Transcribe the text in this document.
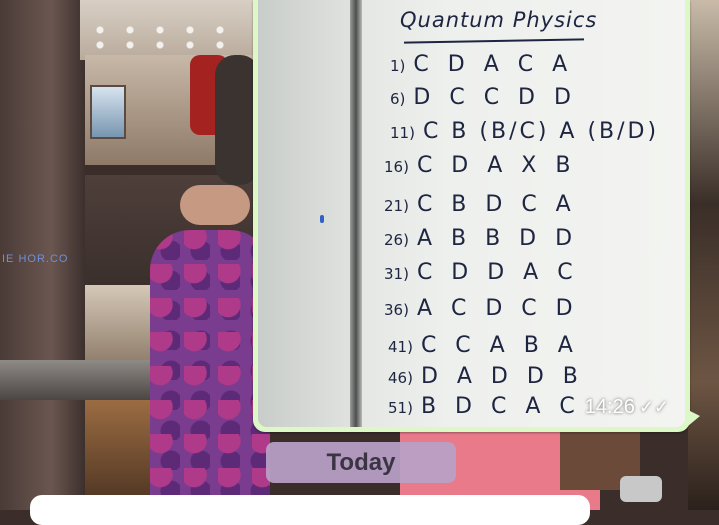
IE HOR.CO
Quantum Physics
1) C D A C A
6) D C C D D
11) C B (B/C) A (B/D)
16) C D A X B
21) C B D C A
26) A B B D D
31) C D D A C
36) A C D C D
41) C C A B A
46) D A D D B
51) B D C A C 14:26 ✓✓
Today
